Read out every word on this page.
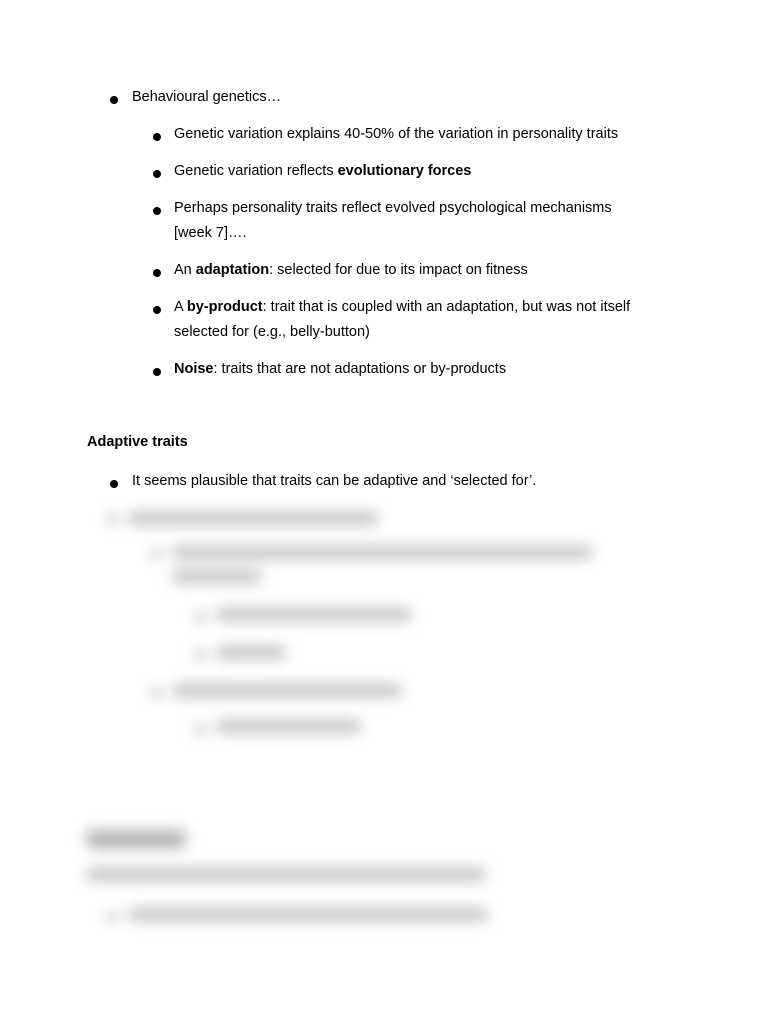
Behavioural genetics…
Genetic variation explains 40-50% of the variation in personality traits
Genetic variation reflects evolutionary forces
Perhaps personality traits reflect evolved psychological mechanisms
[week 7]….
An adaptation: selected for due to its impact on fitness
A by-product: trait that is coupled with an adaptation, but was not itself
selected for (e.g., belly-button)
Noise: traits that are not adaptations or by-products
Adaptive traits
It seems plausible that traits can be adaptive and ‘selected for’.
